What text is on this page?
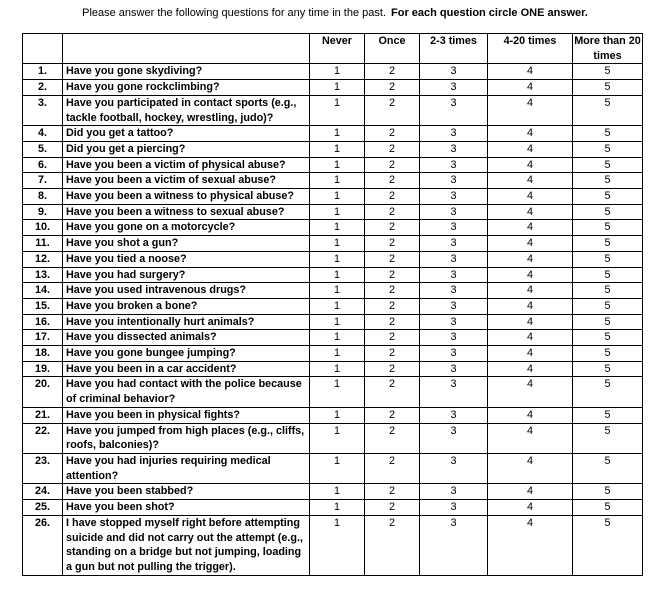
Please answer the following questions for any time in the past. For each question circle ONE answer.
		Never	Once	2-3 times	4-20 times	More than 20 times
1.	Have you gone skydiving?	1	2	3	4	5
2.	Have you gone rockclimbing?	1	2	3	4	5
3.	Have you participated in contact sports (e.g., tackle football, hockey, wrestling, judo)?	1	2	3	4	5
4.	Did you get a tattoo?	1	2	3	4	5
5.	Did you get a piercing?	1	2	3	4	5
6.	Have you been a victim of physical abuse?	1	2	3	4	5
7.	Have you been a victim of sexual abuse?	1	2	3	4	5
8.	Have you been a witness to physical abuse?	1	2	3	4	5
9.	Have you been a witness to sexual abuse?	1	2	3	4	5
10.	Have you gone on a motorcycle?	1	2	3	4	5
11.	Have you shot a gun?	1	2	3	4	5
12.	Have you tied a noose?	1	2	3	4	5
13.	Have you had surgery?	1	2	3	4	5
14.	Have you used intravenous drugs?	1	2	3	4	5
15.	Have you broken a bone?	1	2	3	4	5
16.	Have you intentionally hurt animals?	1	2	3	4	5
17.	Have you dissected animals?	1	2	3	4	5
18.	Have you gone bungee jumping?	1	2	3	4	5
19.	Have you been in a car accident?	1	2	3	4	5
20.	Have you had contact with the police because of criminal behavior?	1	2	3	4	5
21.	Have you been in physical fights?	1	2	3	4	5
22.	Have you jumped from high places (e.g., cliffs, roofs, balconies)?	1	2	3	4	5
23.	Have you had injuries requiring medical attention?	1	2	3	4	5
24.	Have you been stabbed?	1	2	3	4	5
25.	Have you been shot?	1	2	3	4	5
26.	I have stopped myself right before attempting suicide and did not carry out the attempt (e.g., standing on a bridge but not jumping, loading a gun but not pulling the trigger).	1	2	3	4	5
